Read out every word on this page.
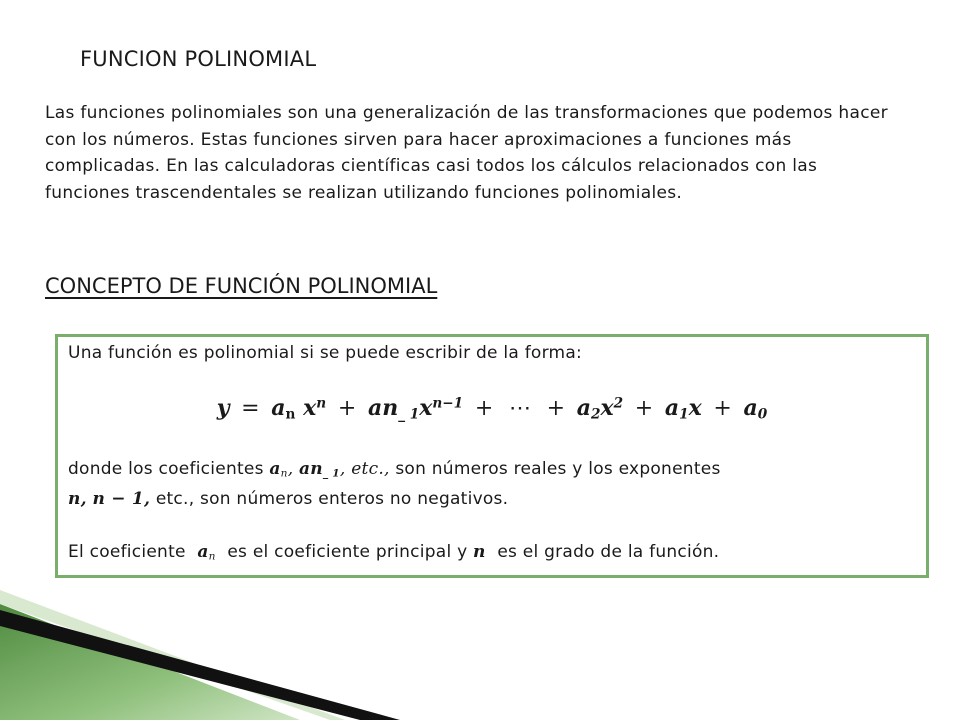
FUNCION POLINOMIAL
Las funciones polinomiales son una generalización de las transformaciones que podemos hacer con los números. Estas funciones sirven para hacer aproximaciones a funciones más complicadas. En las calculadoras científicas casi todos los cálculos relacionados con las funciones trascendentales se realizan utilizando funciones polinomiales.
CONCEPTO DE FUNCIÓN POLINOMIAL
Una función es polinomial si se puede escribir de la forma:
$y = a_n$ $x^n + an_{\_ 1}x^{n-1}$ + ⋯ + $a_2x^2 + a_1x + a_0$
donde los coeficientes $a_n$, $an_{\_ 1}$, etc., son números reales y los exponentes
n, n − 1, etc., son números enteros no negativos.
El coeficiente $a_n$ es el coeficiente principal y n es el grado de la función.
